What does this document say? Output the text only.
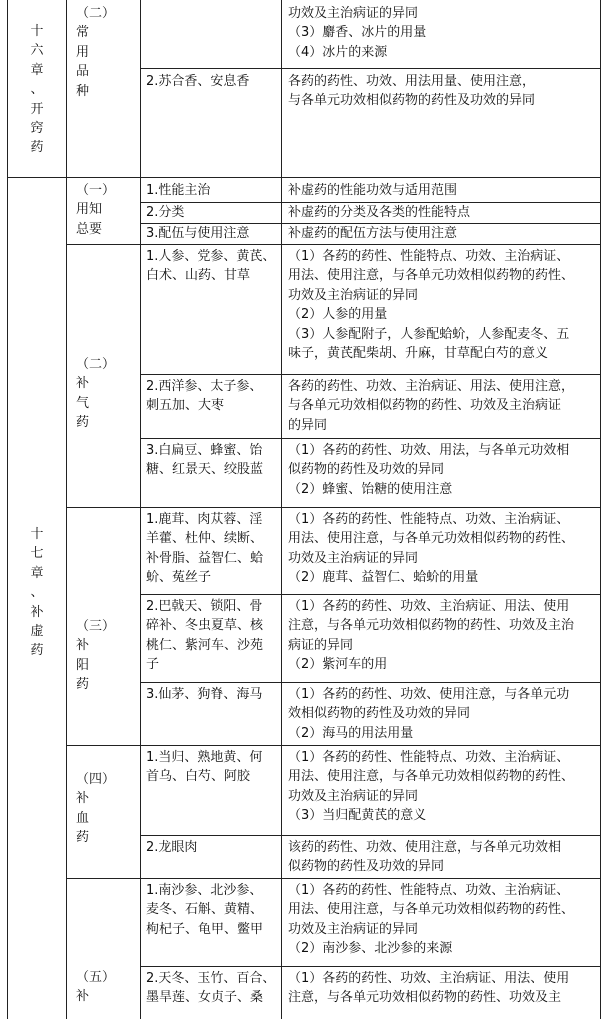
十
六
章
、
开
窍
药
十
七
章
、
补
虚
药
（二）
常
用
品
种
（一）
用知
总要
（二）
补
气
药
（三）
补
阳
药
（四）
补
血
药
（五）
补
2.苏合香、安息香
1.性能主治
2.分类
3.配伍与使用注意
1.人参、党参、黄芪、
白术、山药、甘草
2.西洋参、太子参、
刺五加、大枣
3.白扁豆、蜂蜜、饴
糖、红景天、绞股蓝
1.鹿茸、肉苁蓉、淫
羊藿、杜仲、续断、
补骨脂、益智仁、蛤
蚧、菟丝子
2.巴戟天、锁阳、骨
碎补、冬虫夏草、核
桃仁、紫河车、沙苑
子
3.仙茅、狗脊、海马
1.当归、熟地黄、何
首乌、白芍、阿胶
2.龙眼肉
1.南沙参、北沙参、
麦冬、石斛、黄精、
枸杞子、龟甲、鳖甲
2.天冬、玉竹、百合、
墨旱莲、女贞子、桑
功效及主治病证的异同
（3）麝香、冰片的用量
（4）冰片的来源
各药的药性、功效、用法用量、使用注意，
与各单元功效相似药物的药性及功效的异同
补虚药的性能功效与适用范围
补虚药的分类及各类的性能特点
补虚药的配伍方法与使用注意
（1）各药的药性、性能特点、功效、主治病证、
用法、使用注意，与各单元功效相似药物的药性、
功效及主治病证的异同
（2）人参的用量
（3）人参配附子，人参配蛤蚧，人参配麦冬、五
味子，黄芪配柴胡、升麻，甘草配白芍的意义
各药的药性、功效、主治病证、用法、使用注意，
与各单元功效相似药物的药性、功效及主治病证
的异同
（1）各药的药性、功效、用法，与各单元功效相
似药物的药性及功效的异同
（2）蜂蜜、饴糖的使用注意
（1）各药的药性、性能特点、功效、主治病证、
用法、使用注意，与各单元功效相似药物的药性、
功效及主治病证的异同
（2）鹿茸、益智仁、蛤蚧的用量
（1）各药的药性、功效、主治病证、用法、使用
注意，与各单元功效相似药物的药性、功效及主治
病证的异同
（2）紫河车的用
（1）各药的药性、功效、使用注意，与各单元功
效相似药物的药性及功效的异同
（2）海马的用法用量
（1）各药的药性、性能特点、功效、主治病证、
用法、使用注意，与各单元功效相似药物的药性、
功效及主治病证的异同
（3）当归配黄芪的意义
该药的药性、功效、使用注意，与各单元功效相
似药物的药性及功效的异同
（1）各药的药性、性能特点、功效、主治病证、
用法、使用注意，与各单元功效相似药物的药性、
功效及主治病证的异同
（2）南沙参、北沙参的来源
（1）各药的药性、功效、主治病证、用法、使用
注意，与各单元功效相似药物的药性、功效及主
